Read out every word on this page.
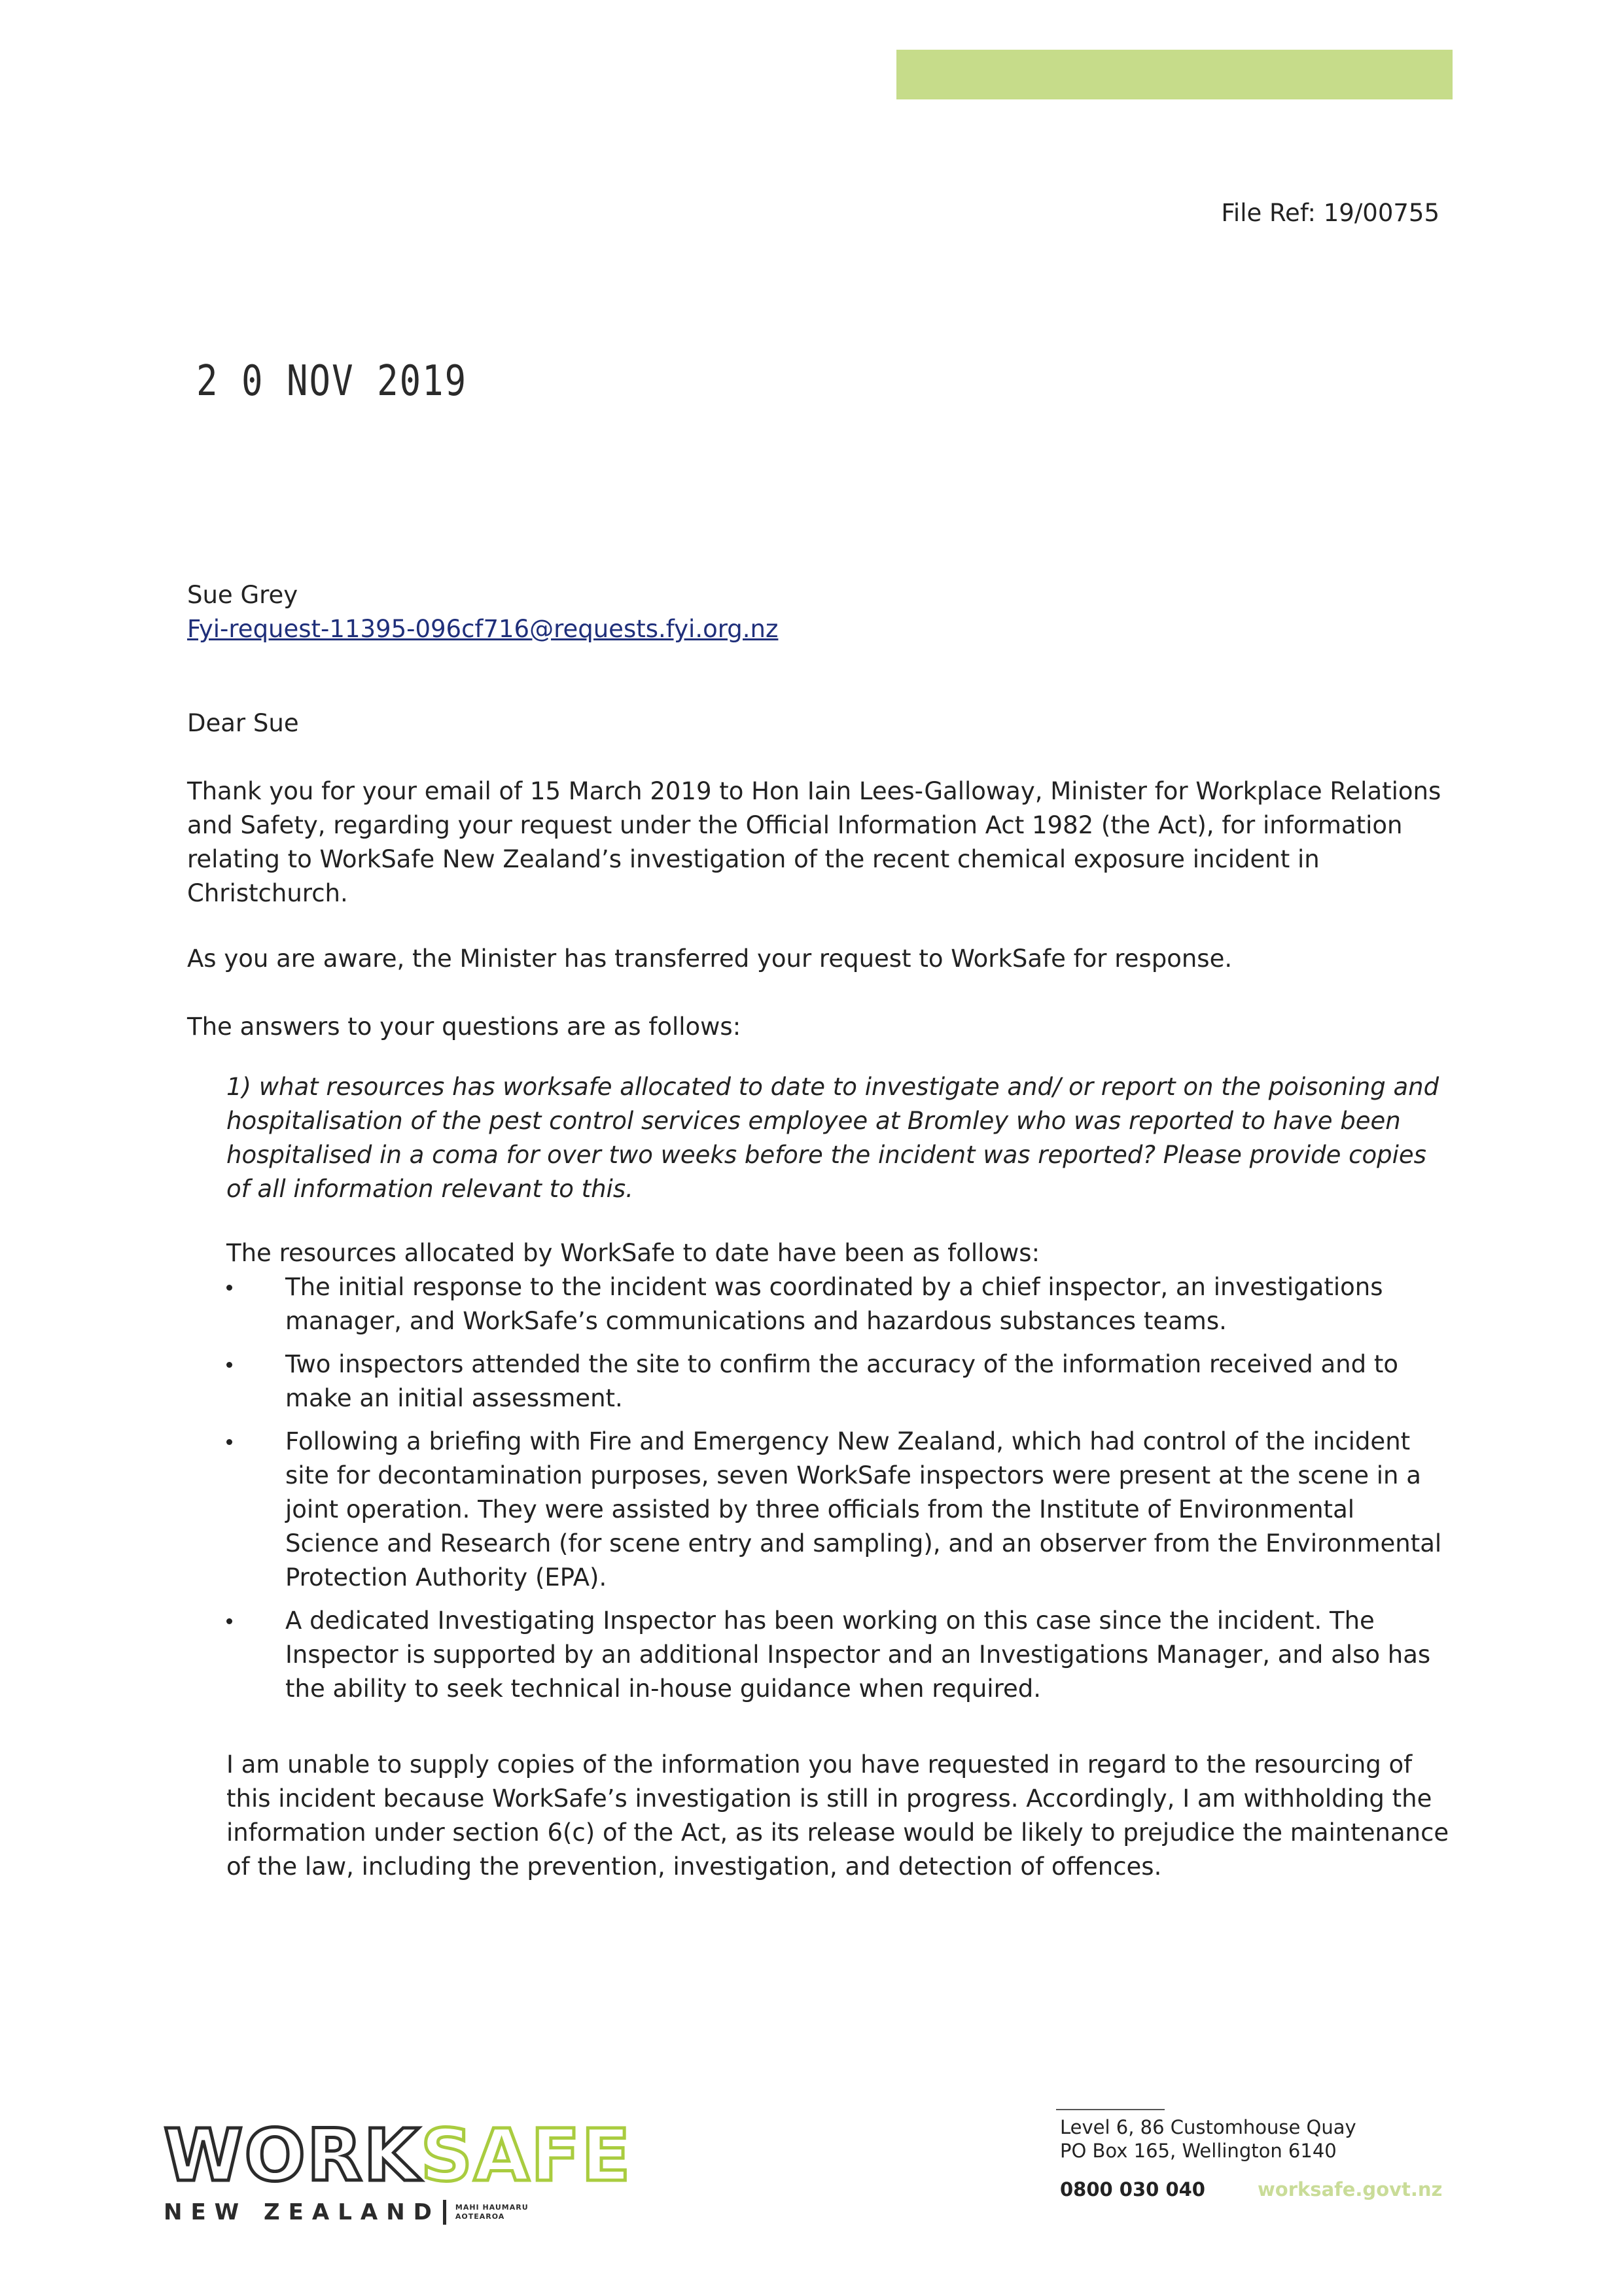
File Ref: 19/00755
2 0 NOV 2019
Sue Grey
Fyi-request-11395-096cf716@requests.fyi.org.nz
Dear Sue
Thank you for your email of 15 March 2019 to Hon Iain Lees-Galloway, Minister for Workplace Relations and Safety, regarding your request under the Official Information Act 1982 (the Act), for information relating to WorkSafe New Zealand’s investigation of the recent chemical exposure incident in Christchurch.
As you are aware, the Minister has transferred your request to WorkSafe for response.
The answers to your questions are as follows:
1) what resources has worksafe allocated to date to investigate and/ or report on the poisoning and hospitalisation of the pest control services employee at Bromley who was reported to have been hospitalised in a coma for over two weeks before the incident was reported? Please provide copies of all information relevant to this.
The resources allocated by WorkSafe to date have been as follows:
The initial response to the incident was coordinated by a chief inspector, an investigations manager, and WorkSafe’s communications and hazardous substances teams.
Two inspectors attended the site to confirm the accuracy of the information received and to make an initial assessment.
Following a briefing with Fire and Emergency New Zealand, which had control of the incident site for decontamination purposes, seven WorkSafe inspectors were present at the scene in a joint operation. They were assisted by three officials from the Institute of Environmental Science and Research (for scene entry and sampling), and an observer from the Environmental Protection Authority (EPA).
A dedicated Investigating Inspector has been working on this case since the incident. The Inspector is supported by an additional Inspector and an Investigations Manager, and also has the ability to seek technical in-house guidance when required.
I am unable to supply copies of the information you have requested in regard to the resourcing of this incident because WorkSafe’s investigation is still in progress. Accordingly, I am withholding the information under section 6(c) of the Act, as its release would be likely to prejudice the maintenance of the law, including the prevention, investigation, and detection of offences.
WORKSAFE
NEW ZEALAND MAHI HAUMARU
AOTEAROA
Level 6, 86 Customhouse Quay
PO Box 165, Wellington 6140
0800 030 040	worksafe.govt.nz
